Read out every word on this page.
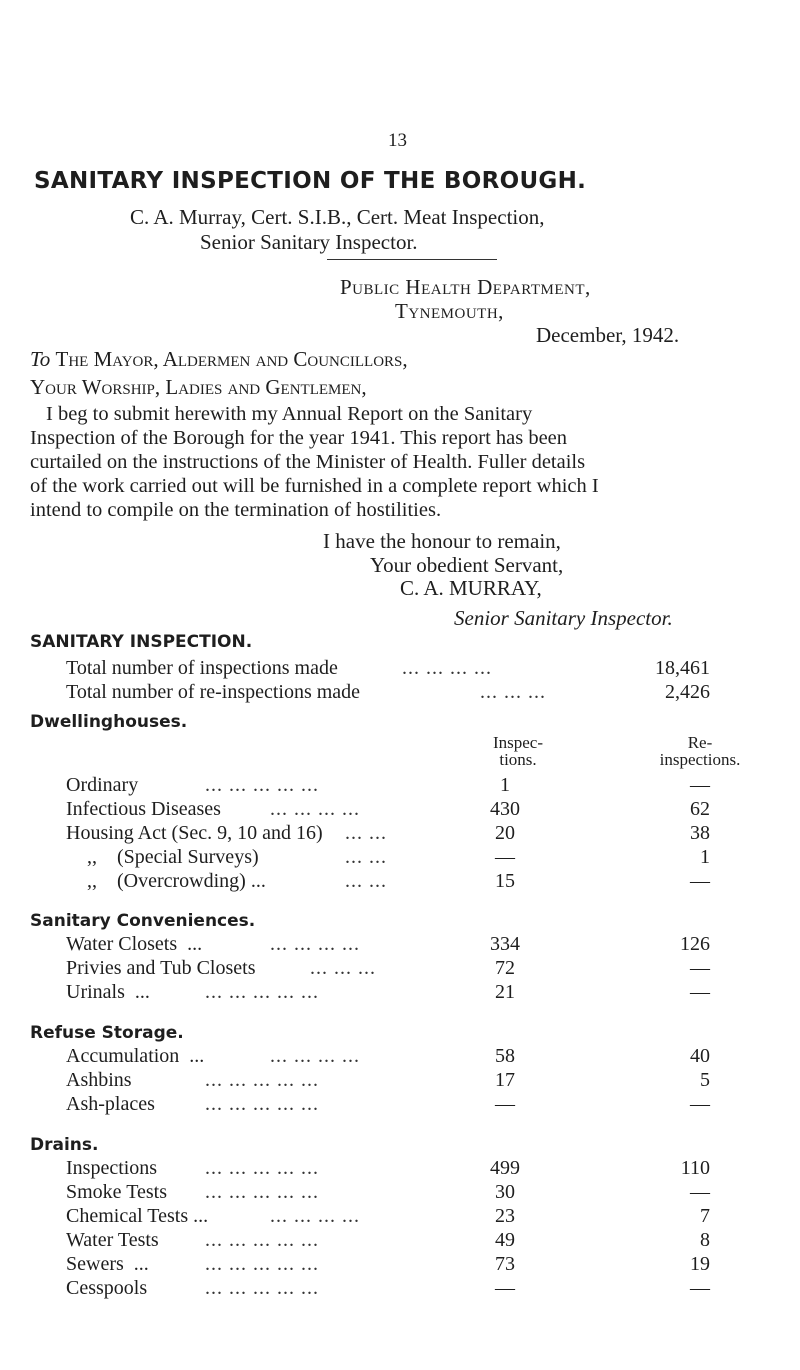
13
SANITARY INSPECTION OF THE BOROUGH.
C. A. Murray, Cert. S.I.B., Cert. Meat Inspection,
Senior Sanitary Inspector.
Public Health Department,
Tynemouth,
December, 1942.
To The Mayor, Aldermen and Councillors,
Your Worship, Ladies and Gentlemen,
I beg to submit herewith my Annual Report on the Sanitary
Inspection of the Borough for the year 1941. This report has been
curtailed on the instructions of the Minister of Health. Fuller details
of the work carried out will be furnished in a complete report which I
intend to compile on the termination of hostilities.
I have the honour to remain,
Your obedient Servant,
C. A. MURRAY,
Senior Sanitary Inspector.
SANITARY INSPECTION.
Total number of inspections made	... ... ... ...	18,461
Total number of re-inspections made	... ... ...	2,426
Dwellinghouses.
Inspec-
tions.
Re-
inspections.
Ordinary	... ... ... ... ...	1	—
Infectious Diseases ... ... ... ...	430	62
Housing Act (Sec. 9, 10 and 16) ... ...	20	38
,,    (Special Surveys)	... ...	—	1
,,    (Overcrowding) ...	... ...	15	—
Sanitary Conveniences.
Water Closets  ...	... ... ... ...	334	126
Privies and Tub Closets	... ... ...	72	—
Urinals  ...	... ... ... ... ...	21	—
Refuse Storage.
Accumulation  ...	... ... ... ...	58	40
Ashbins	... ... ... ... ...	17	5
Ash-places	... ... ... ... ...	—	—
Drains.
Inspections ... ... ... ... ...	499	110
Smoke Tests ... ... ... ... ...	30	—
Chemical Tests ...	... ... ... ...	23	7
Water Tests ... ... ... ... ...	49	8
Sewers  ...	... ... ... ... ...	73	19
Cesspools	... ... ... ... ...	—	—
